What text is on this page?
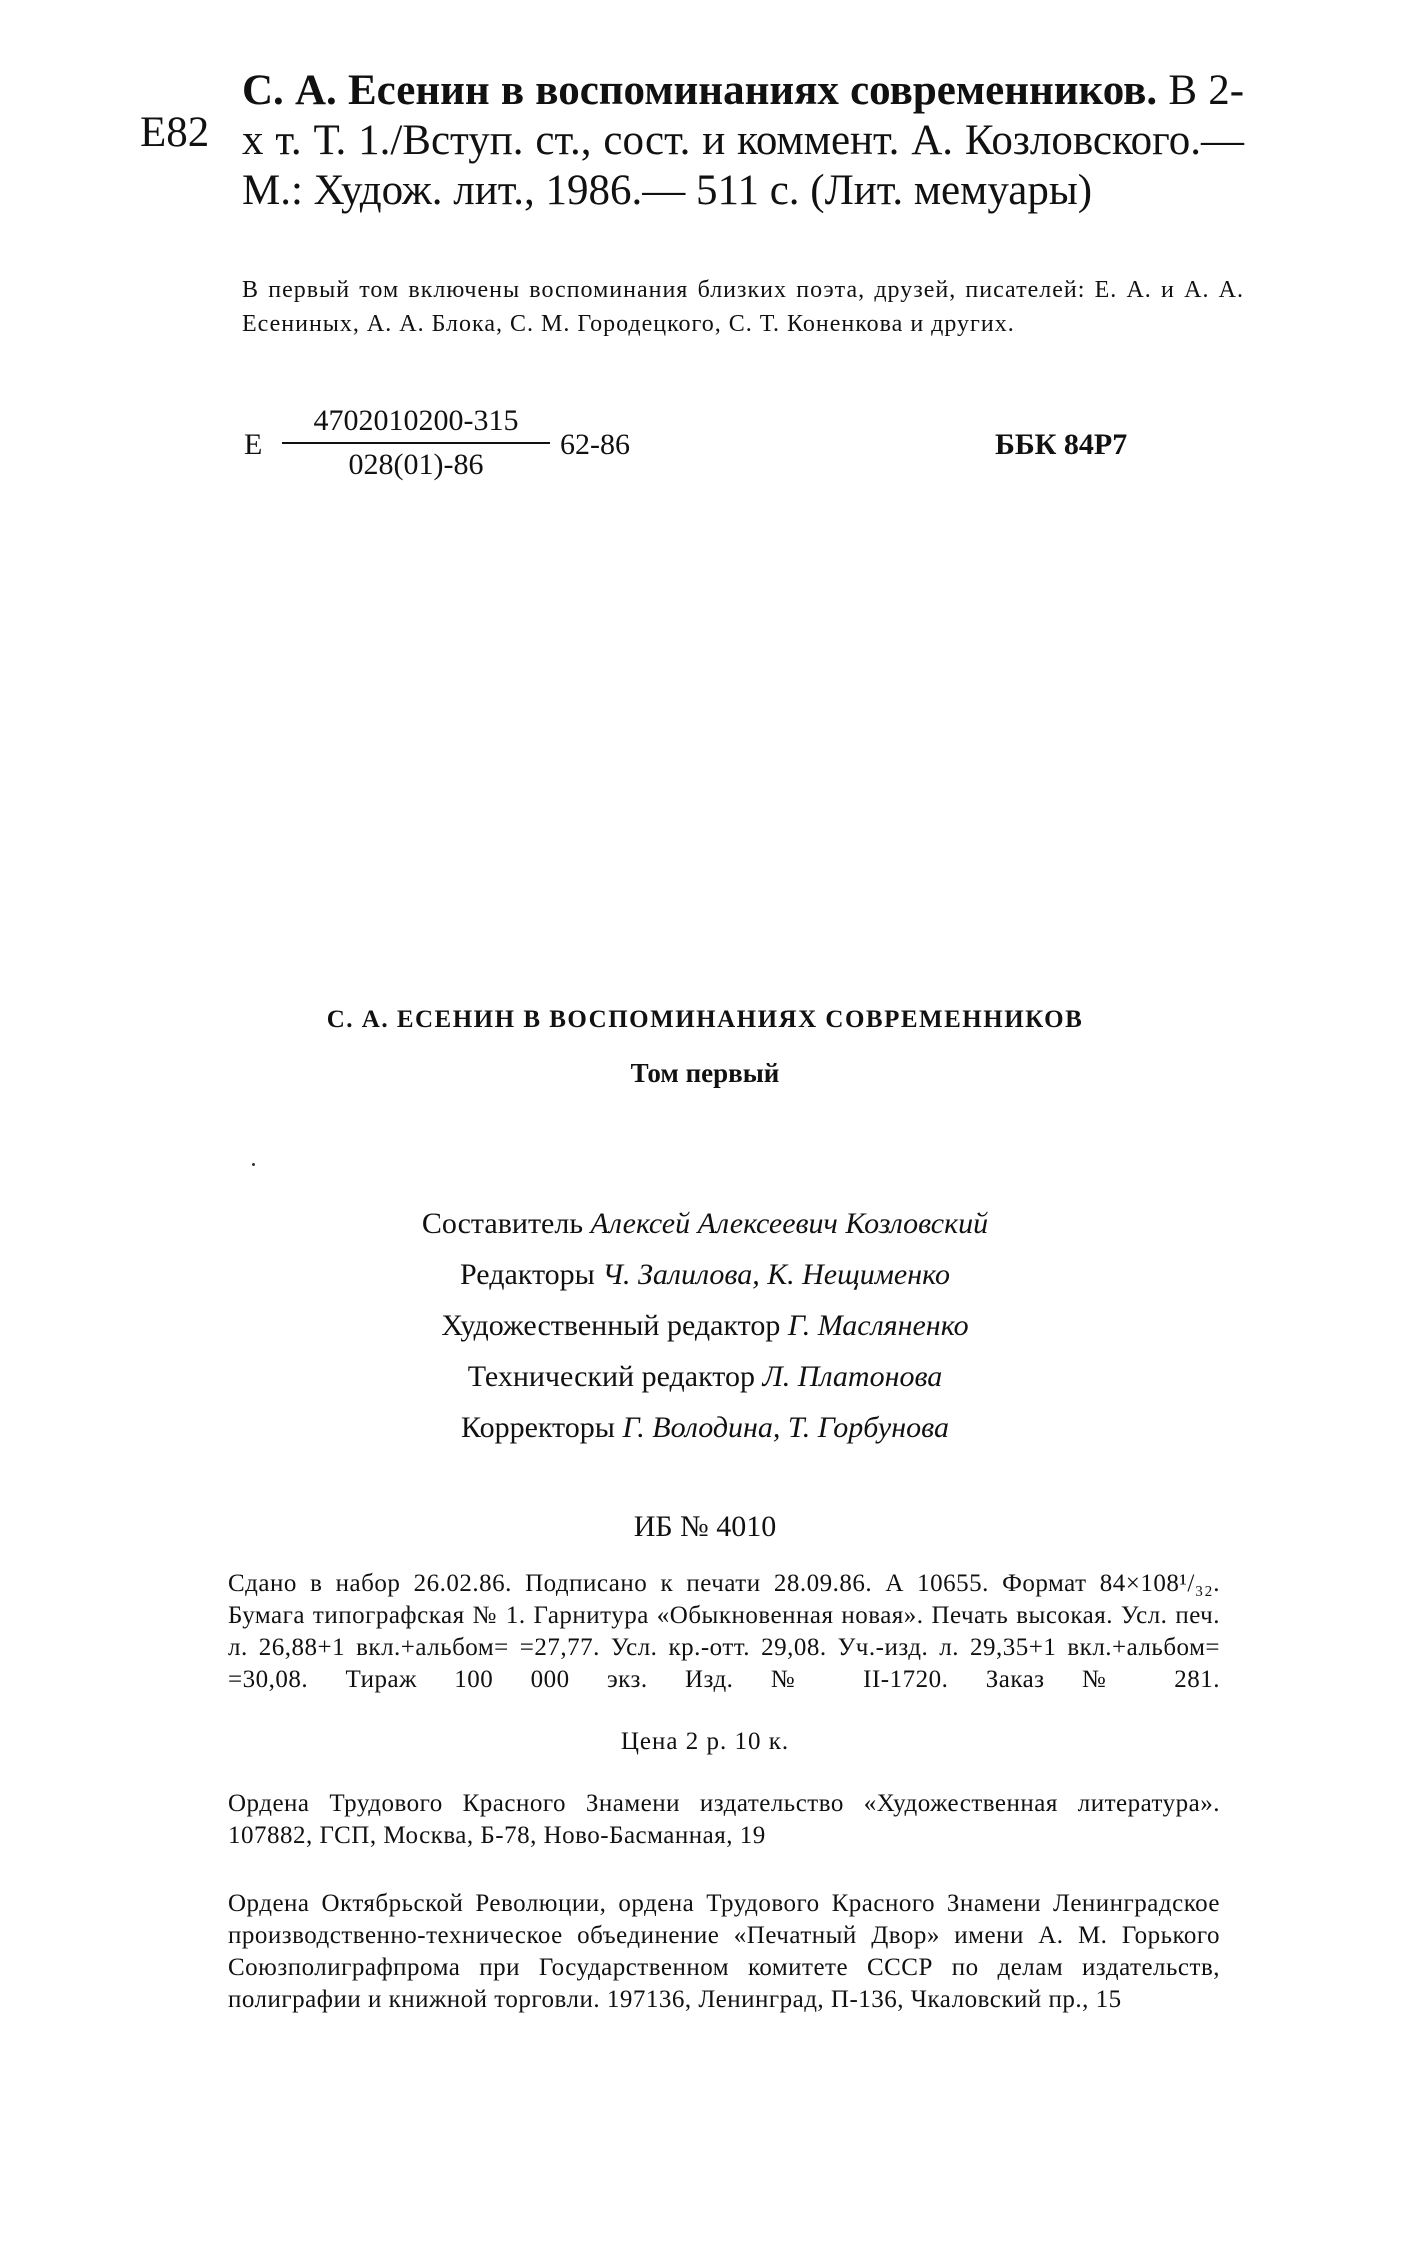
Е82
С. А. Есенин в воспоминаниях современников. В 2-х т. Т. 1./Вступ. ст., сост. и коммент. А. Козловского.— М.: Худож. лит., 1986.— 511 с. (Лит. мемуары)
В первый том включены воспоминания близких поэта, друзей, писателей: Е. А. и А. А. Есениных, А. А. Блока, С. М. Городецкого, С. Т. Коненкова и других.
Е $\frac{4702010200-315}{028(01)-86} 62-86$	ББК 84Р7
С. А. ЕСЕНИН В ВОСПОМИНАНИЯХ СОВРЕМЕННИКОВ
Том первый
Составитель Алексей Алексеевич Козловский
Редакторы Ч. Залилова, К. Нещименко
Художественный редактор Г. Масляненко
Технический редактор Л. Платонова
Корректоры Г. Володина, Т. Горбунова
ИБ № 4010
Сдано в набор 26.02.86. Подписано к печати 28.09.86. А 10655. Формат 84×108¹/₃₂. Бумага типографская № 1. Гарнитура «Обыкновенная новая». Печать высокая. Усл. печ. л. 26,88+1 вкл.+альбом= =27,77. Усл. кр.-отт. 29,08. Уч.-изд. л. 29,35+1 вкл.+альбом= =30,08. Тираж 100 000 экз. Изд. № II-1720. Заказ № 281.
Цена 2 р. 10 к.
Ордена Трудового Красного Знамени издательство «Художественная литература». 107882, ГСП, Москва, Б-78, Ново-Басманная, 19
Ордена Октябрьской Революции, ордена Трудового Красного Знамени Ленинградское производственно-техническое объединение «Печатный Двор» имени А. М. Горького Союзполиграфпрома при Государственном комитете СССР по делам издательств, полиграфии и книжной торговли. 197136, Ленинград, П-136, Чкаловский пр., 15
